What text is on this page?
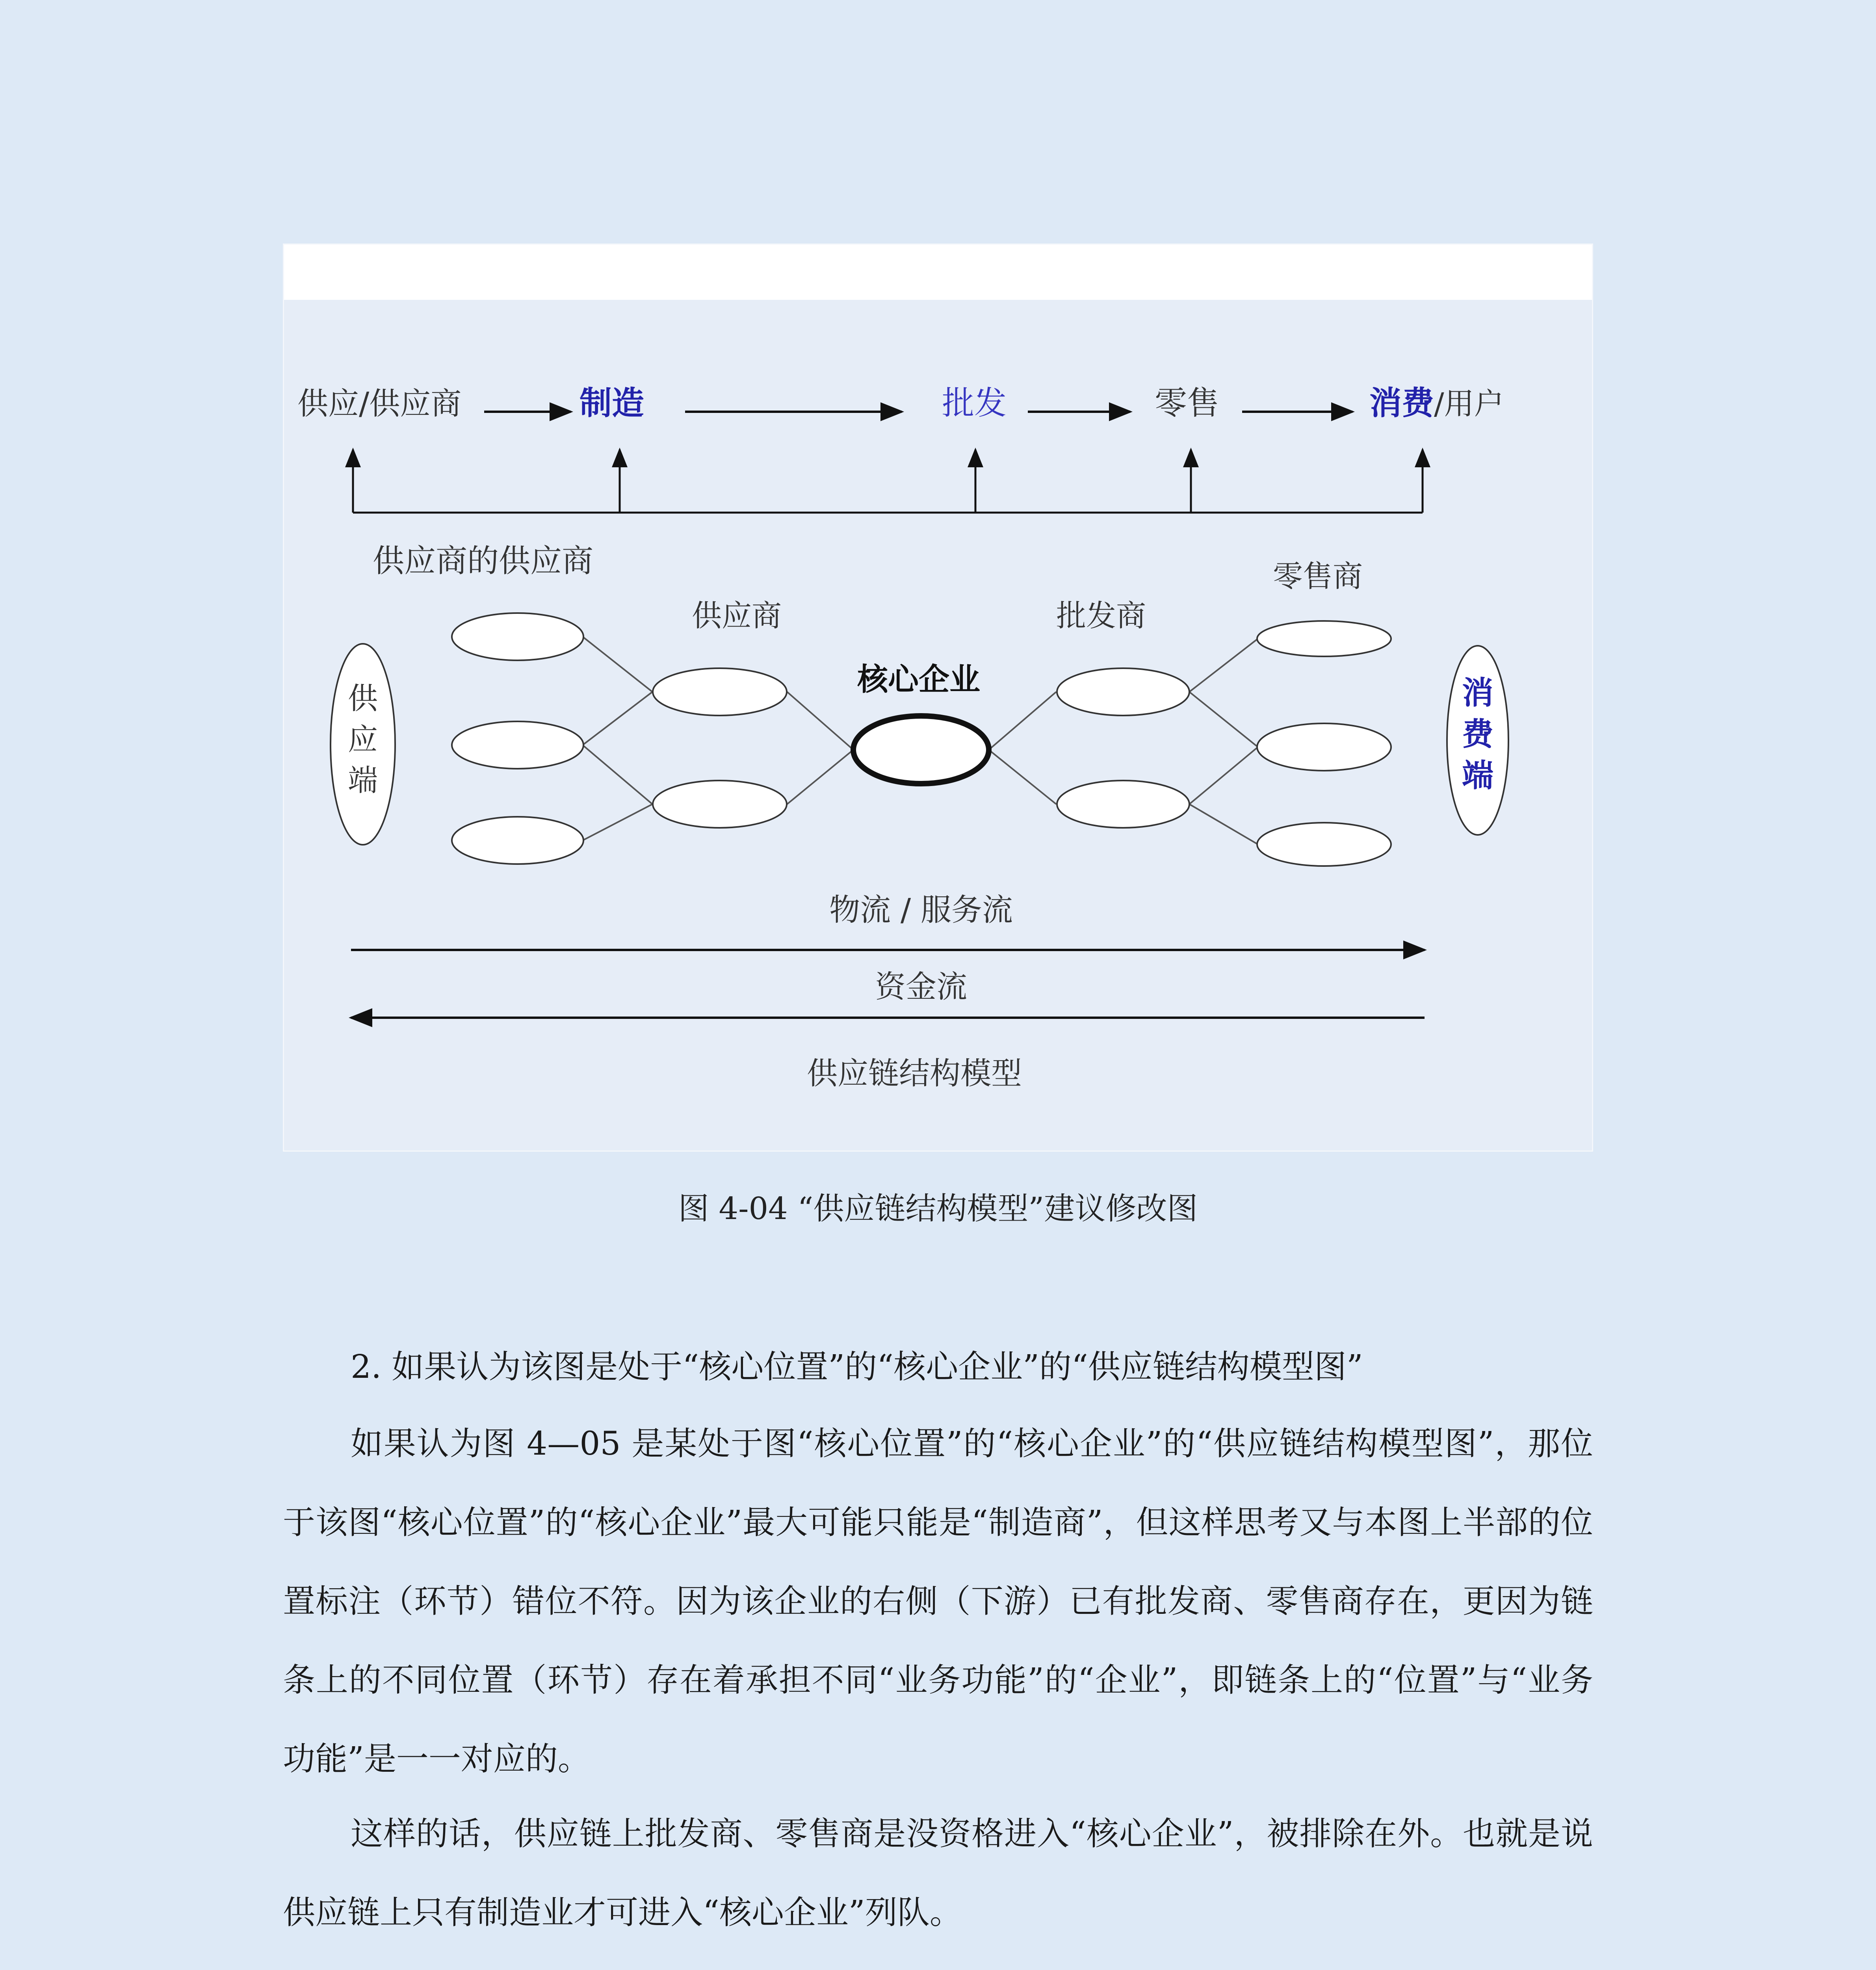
供应/供应商	制造	批发	零售	消费/用户
供应商的供应商
供应商
核心企业
批发商
零售商
供
应
端
消
费
端
物流 / 服务流
资金流
供应链结构模型
图 4-04 “供应链结构模型”建议修改图

2. 如果认为该图是处于“核心位置”的“核心企业”的“供应链结构模型图”

如果认为图 4—05 是某处于图“核心位置”的“核心企业”的“供应链结构模型图”，那位于该图“核心位置”的“核心企业”最大可能只能是“制造商”，但这样思考又与本图上半部的位置标注（环节）错位不符。因为该企业的右侧（下游）已有批发商、零售商存在，更因为链条上的不同位置（环节）存在着承担不同“业务功能”的“企业”，即链条上的“位置”与“业务功能”是一一对应的。

这样的话，供应链上批发商、零售商是没资格进入“核心企业”，被排除在外。也就是说供应链上只有制造业才可进入“核心企业”列队。
